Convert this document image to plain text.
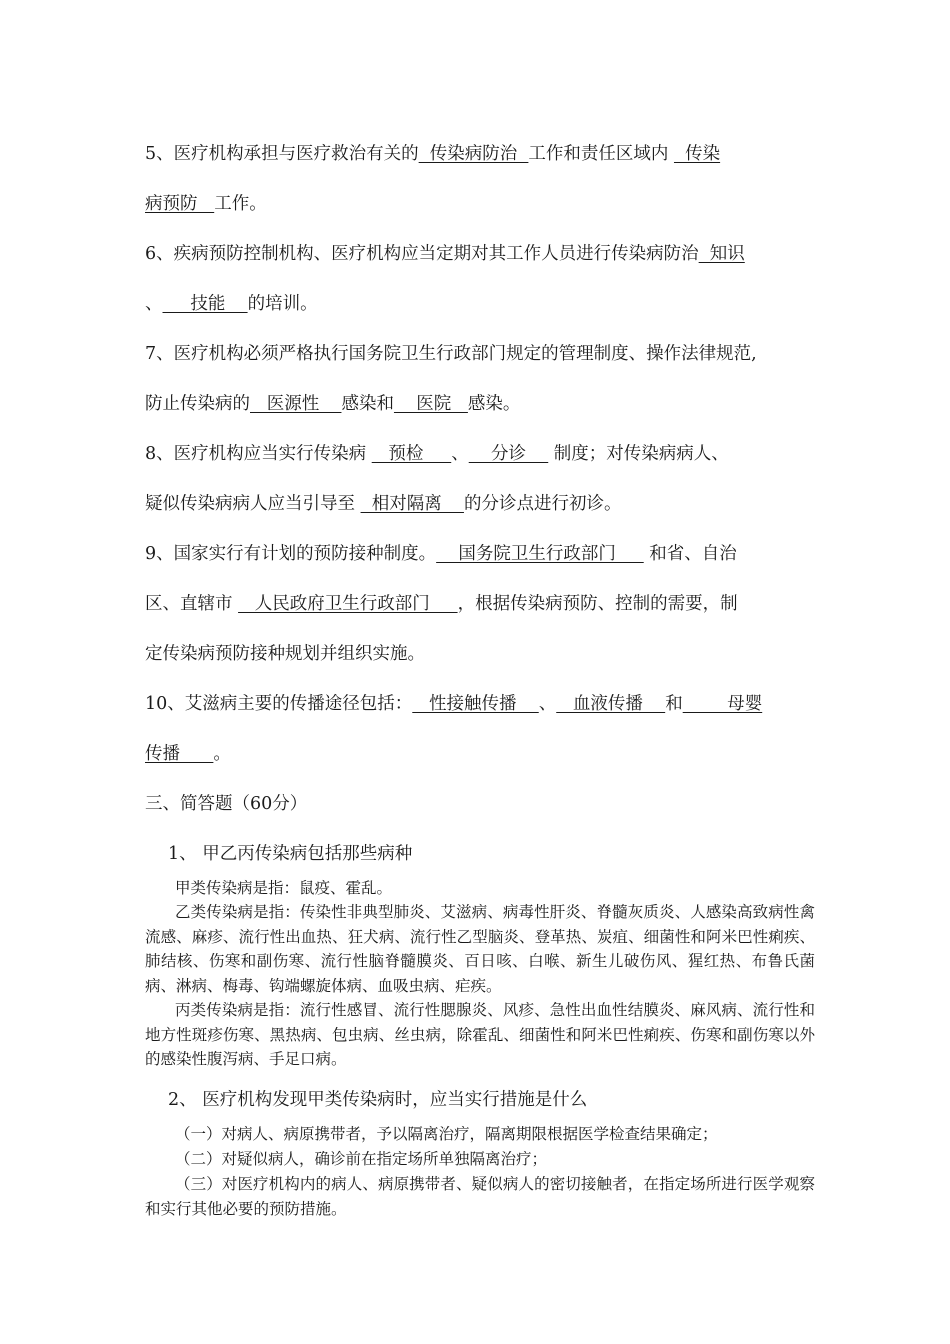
5、医疗机构承担与医疗救治有关的  传染病防治  工作和责任区域内   传染
病预防   工作。
6、疾病预防控制机构、医疗机构应当定期对其工作人员进行传染病防治  知识
、     技能    的培训。
7、医疗机构必须严格执行国务院卫生行政部门规定的管理制度、操作法律规范,
防止传染病的   医源性    感染和    医院   感染。
8、医疗机构应当实行传染病    预检     、    分诊     制度；对传染病病人、
疑似传染病病人应当引导至   相对隔离    的分诊点进行初诊。
9、国家实行有计划的预防接种制度。    国务院卫生行政部门      和省、自治
区、直辖市    人民政府卫生行政部门     ，根据传染病预防、控制的需要，制
定传染病预防接种规划并组织实施。
10、艾滋病主要的传播途径包括：   性接触传播    、   血液传播    和        母婴
传播      。
三、简答题（60分）
1、 甲乙丙传染病包括那些病种
甲类传染病是指：鼠疫、霍乱。
乙类传染病是指：传染性非典型肺炎、艾滋病、病毒性肝炎、脊髓灰质炎、人感染高致病性禽流感、麻疹、流行性出血热、狂犬病、流行性乙型脑炎、登革热、炭疽、细菌性和阿米巴性痢疾、肺结核、伤寒和副伤寒、流行性脑脊髓膜炎、百日咳、白喉、新生儿破伤风、猩红热、布鲁氏菌病、淋病、梅毒、钩端螺旋体病、血吸虫病、疟疾。
丙类传染病是指：流行性感冒、流行性腮腺炎、风疹、急性出血性结膜炎、麻风病、流行性和地方性斑疹伤寒、黑热病、包虫病、丝虫病，除霍乱、细菌性和阿米巴性痢疾、伤寒和副伤寒以外的感染性腹泻病、手足口病。
2、 医疗机构发现甲类传染病时，应当实行措施是什么
（一）对病人、病原携带者，予以隔离治疗，隔离期限根据医学检查结果确定；
（二）对疑似病人，确诊前在指定场所单独隔离治疗；
（三）对医疗机构内的病人、病原携带者、疑似病人的密切接触者，在指定场所进行医学观察和实行其他必要的预防措施。
